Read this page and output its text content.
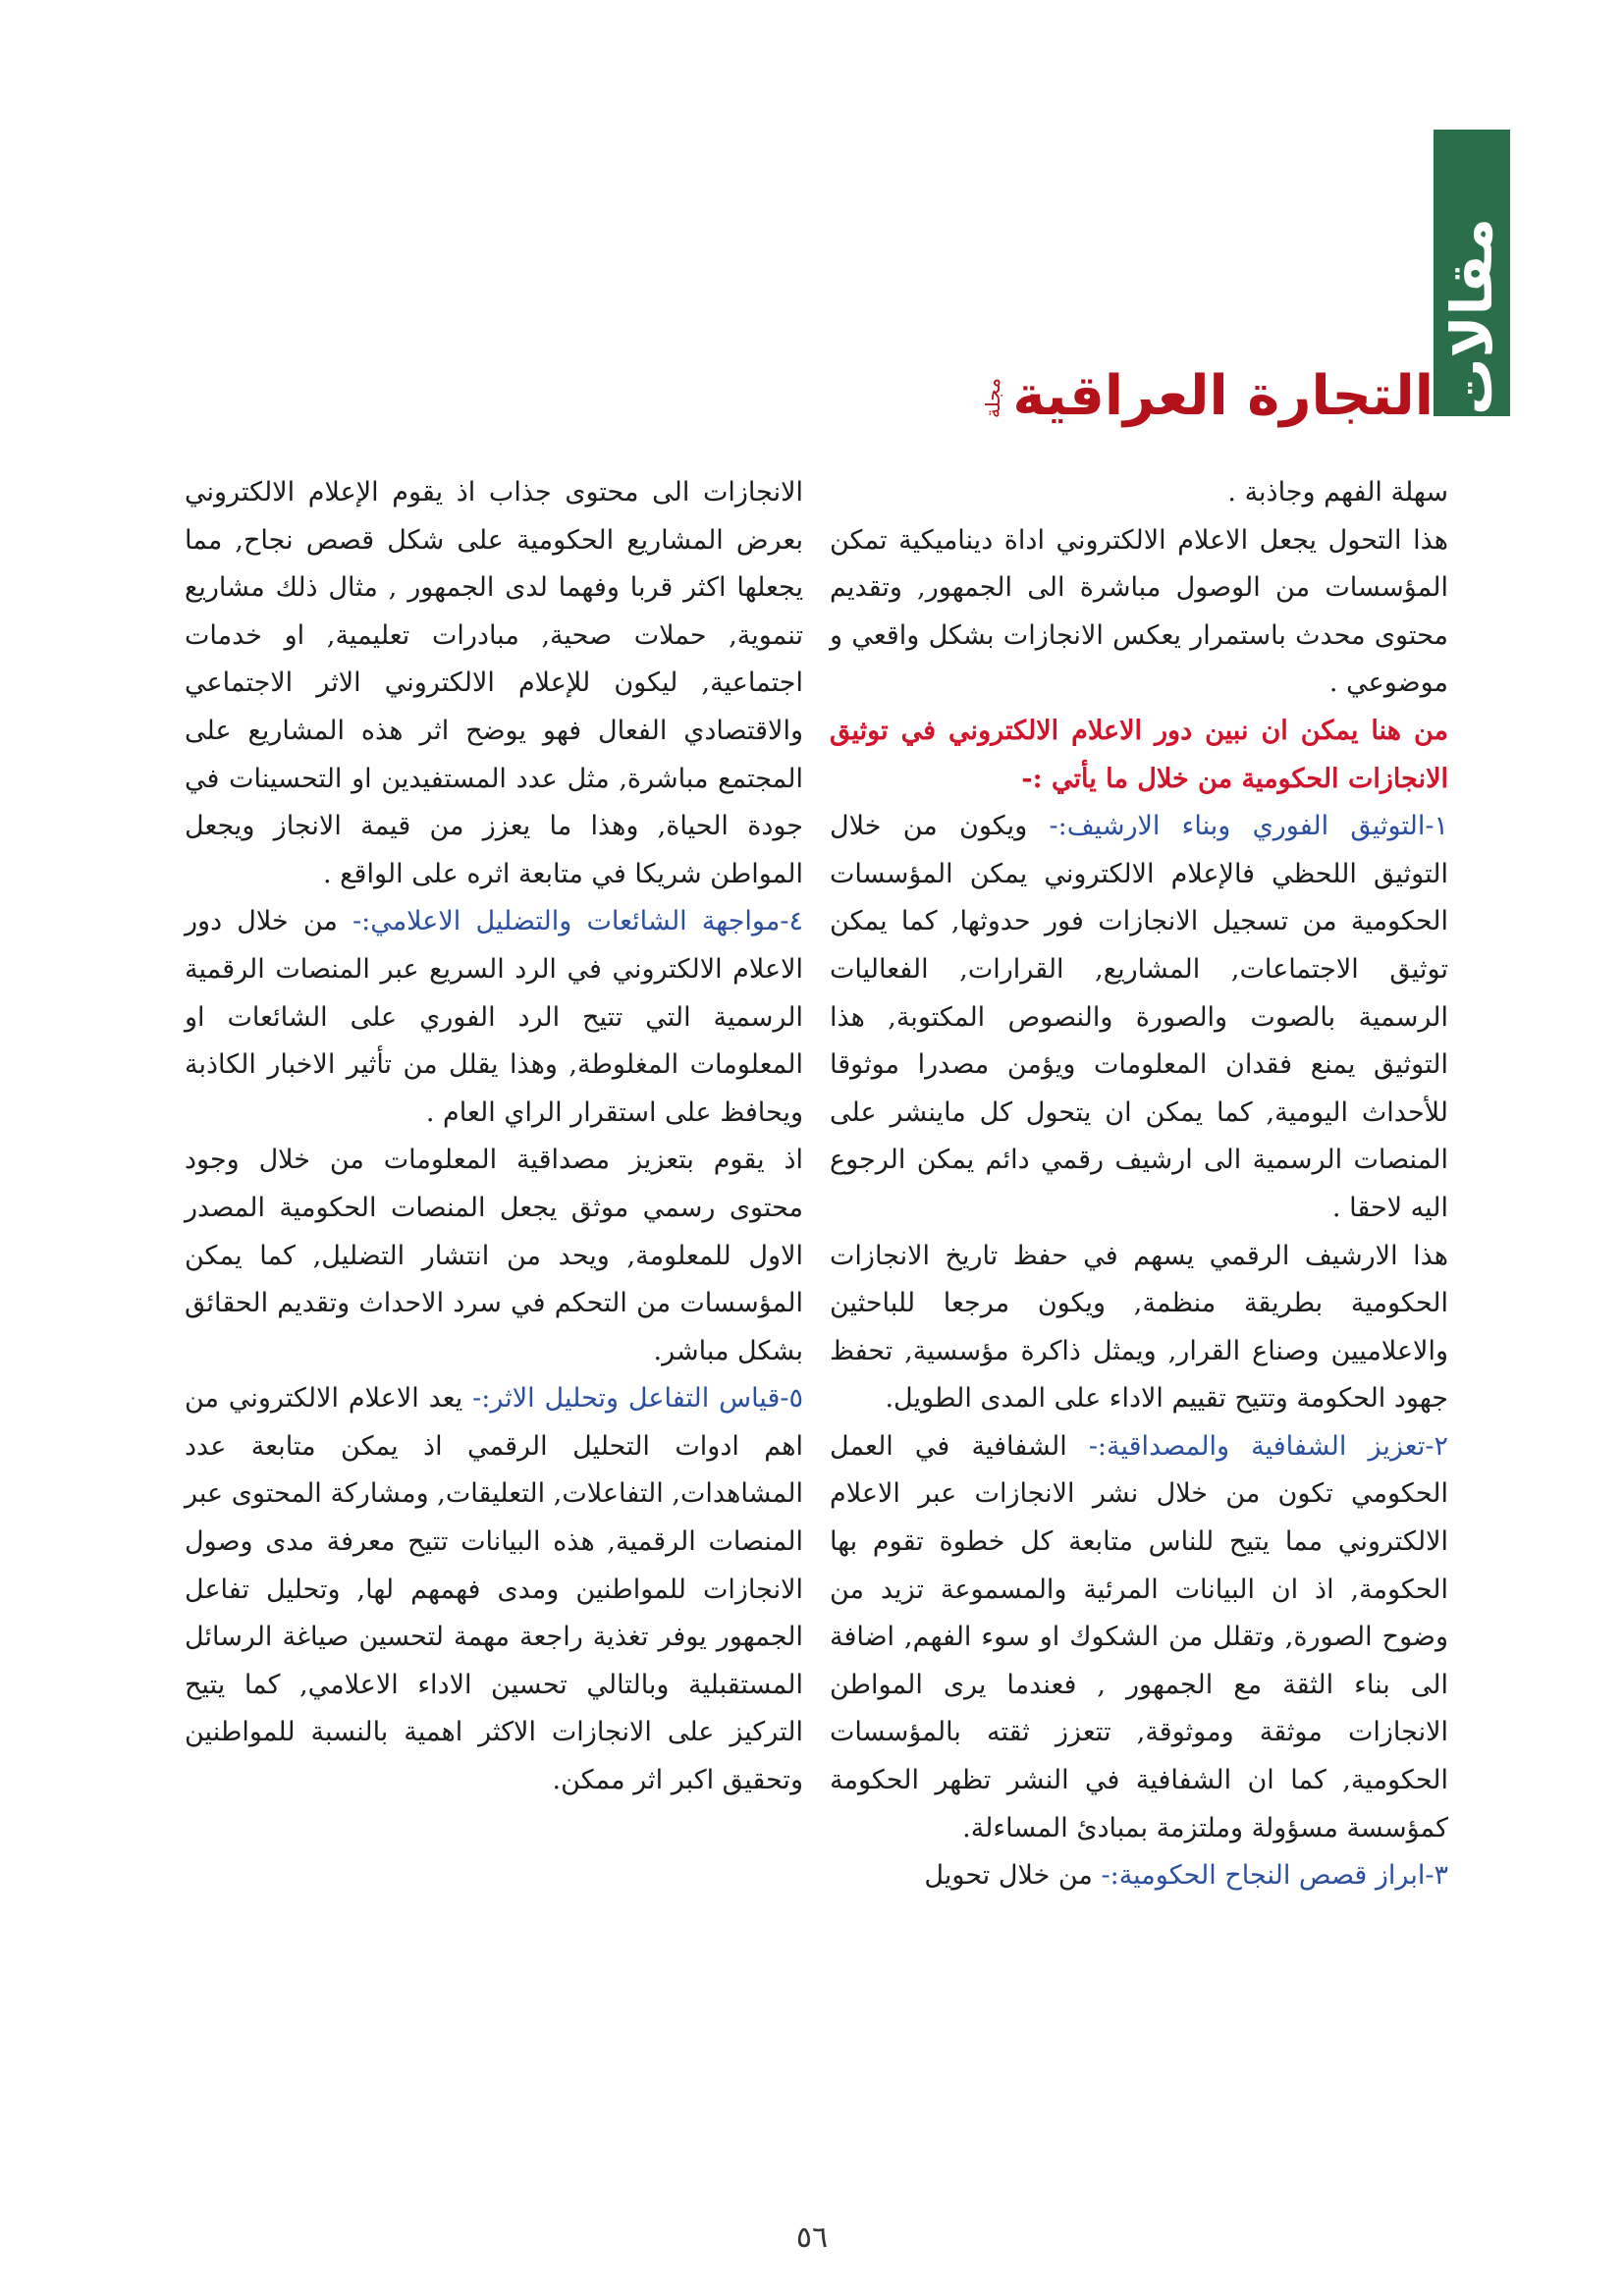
مقالات
التجارة العراقية
مجلة

سهلة الفهم وجاذبة .

هذا التحول يجعل الاعلام الالكتروني اداة ديناميكية تمكن المؤسسات من الوصول مباشرة الى الجمهور, وتقديم محتوى محدث باستمرار يعكس الانجازات بشكل واقعي و موضوعي .

من هنا يمكن ان نبين دور الاعلام الالكتروني في توثيق الانجازات الحكومية من خلال ما يأتي :-

١-التوثيق الفوري وبناء الارشيف:- ويكون من خلال التوثيق اللحظي فالإعلام الالكتروني يمكن المؤسسات الحكومية من تسجيل الانجازات فور حدوثها, كما يمكن توثيق الاجتماعات, المشاريع, القرارات, الفعاليات الرسمية بالصوت والصورة والنصوص المكتوبة, هذا التوثيق يمنع فقدان المعلومات ويؤمن مصدرا موثوقا للأحداث اليومية, كما يمكن ان يتحول كل ماينشر على المنصات الرسمية الى ارشيف رقمي دائم يمكن الرجوع اليه لاحقا .

هذا الارشيف الرقمي يسهم في حفظ تاريخ الانجازات الحكومية بطريقة منظمة, ويكون مرجعا للباحثين والاعلاميين وصناع القرار, ويمثل ذاكرة مؤسسية, تحفظ جهود الحكومة وتتيح تقييم الاداء على المدى الطويل.

٢-تعزيز الشفافية والمصداقية:- الشفافية في العمل الحكومي تكون من خلال نشر الانجازات عبر الاعلام الالكتروني مما يتيح للناس متابعة كل خطوة تقوم بها الحكومة, اذ ان البيانات المرئية والمسموعة تزيد من وضوح الصورة, وتقلل من الشكوك او سوء الفهم, اضافة الى بناء الثقة مع الجمهور , فعندما يرى المواطن الانجازات موثقة وموثوقة, تتعزز ثقته بالمؤسسات الحكومية, كما ان الشفافية في النشر تظهر الحكومة كمؤسسة مسؤولة وملتزمة بمبادئ المساءلة.

٣-ابراز قصص النجاح الحكومية:- من خلال تحويل

الانجازات الى محتوى جذاب اذ يقوم الإعلام الالكتروني بعرض المشاريع الحكومية على شكل قصص نجاح, مما يجعلها اكثر قربا وفهما لدى الجمهور , مثال ذلك مشاريع تنموية, حملات صحية, مبادرات تعليمية, او خدمات اجتماعية, ليكون للإعلام الالكتروني الاثر الاجتماعي والاقتصادي الفعال فهو يوضح اثر هذه المشاريع على المجتمع مباشرة, مثل عدد المستفيدين او التحسينات في جودة الحياة, وهذا ما يعزز من قيمة الانجاز ويجعل المواطن شريكا في متابعة اثره على الواقع .

٤-مواجهة الشائعات والتضليل الاعلامي:- من خلال دور الاعلام الالكتروني في الرد السريع عبر المنصات الرقمية الرسمية التي تتيح الرد الفوري على الشائعات او المعلومات المغلوطة, وهذا يقلل من تأثير الاخبار الكاذبة ويحافظ على استقرار الراي العام .

اذ يقوم بتعزيز مصداقية المعلومات من خلال وجود محتوى رسمي موثق يجعل المنصات الحكومية المصدر الاول للمعلومة, ويحد من انتشار التضليل, كما يمكن المؤسسات من التحكم في سرد الاحداث وتقديم الحقائق بشكل مباشر.

٥-قياس التفاعل وتحليل الاثر:- يعد الاعلام الالكتروني من اهم ادوات التحليل الرقمي اذ يمكن متابعة عدد المشاهدات, التفاعلات, التعليقات, ومشاركة المحتوى عبر المنصات الرقمية, هذه البيانات تتيح معرفة مدى وصول الانجازات للمواطنين ومدى فهمهم لها, وتحليل تفاعل الجمهور يوفر تغذية راجعة مهمة لتحسين صياغة الرسائل المستقبلية وبالتالي تحسين الاداء الاعلامي, كما يتيح التركيز على الانجازات الاكثر اهمية بالنسبة للمواطنين وتحقيق اكبر اثر ممكن.

٥٦
